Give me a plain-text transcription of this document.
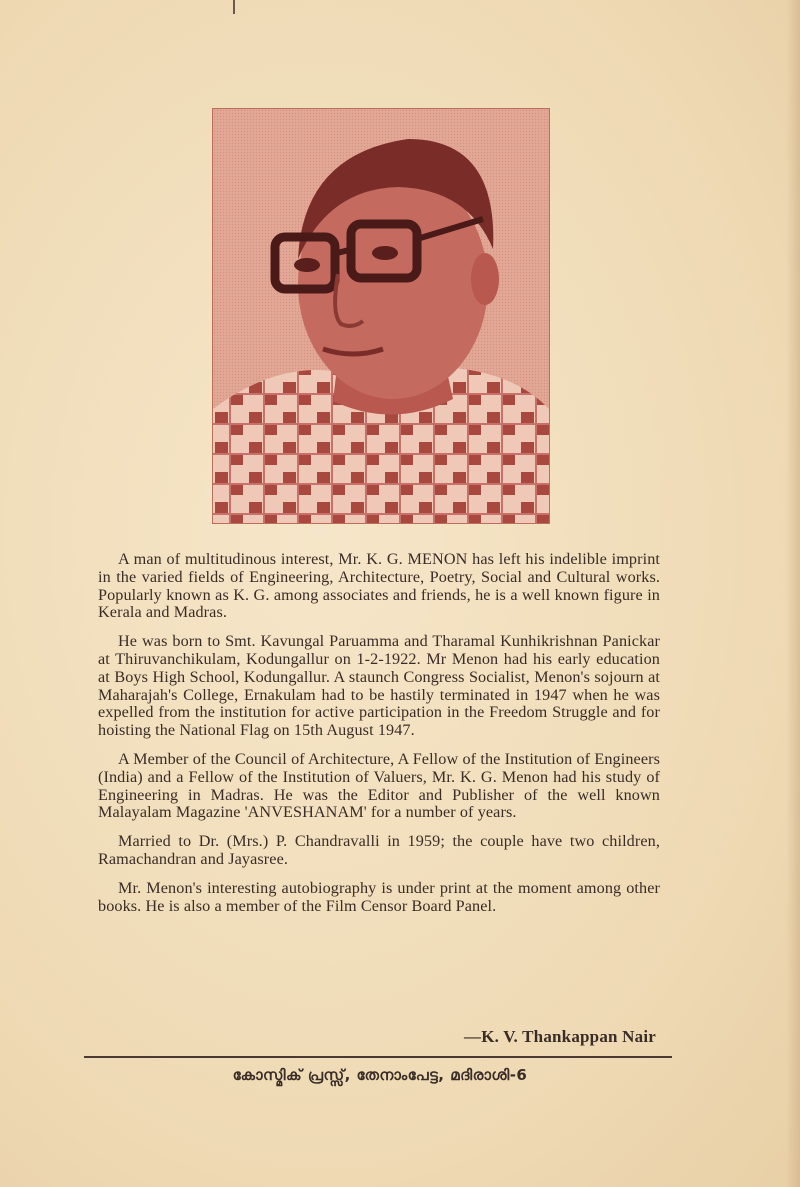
A man of multitudinous interest, Mr. K. G. MENON has left his indelible imprint in the varied fields of Engineering, Architecture, Poetry, Social and Cultural works. Popularly known as K. G. among associates and friends, he is a well known figure in Kerala and Madras.

He was born to Smt. Kavungal Paruamma and Tharamal Kunhikrishnan Panickar at Thiruvanchikulam, Kodungallur on 1-2-1922. Mr Menon had his early education at Boys High School, Kodungallur. A staunch Congress Socialist, Menon's sojourn at Maharajah's College, Ernakulam had to be hastily terminated in 1947 when he was expelled from the institution for active participation in the Freedom Struggle and for hoisting the National Flag on 15th August 1947.

A Member of the Council of Architecture, A Fellow of the Institution of Engineers (India) and a Fellow of the Institution of Valuers, Mr. K. G. Menon had his study of Engineering in Madras. He was the Editor and Publisher of the well known Malayalam Magazine 'ANVESHANAM' for a number of years.

Married to Dr. (Mrs.) P. Chandravalli in 1959; the couple have two children, Ramachandran and Jayasree.

Mr. Menon's interesting autobiography is under print at the moment among other books. He is also a member of the Film Censor Board Panel.

—K. V. Thankappan Nair
കോസ്മിക് പ്രസ്സ്, തേനാംപേട്ട, മദിരാശി-6
